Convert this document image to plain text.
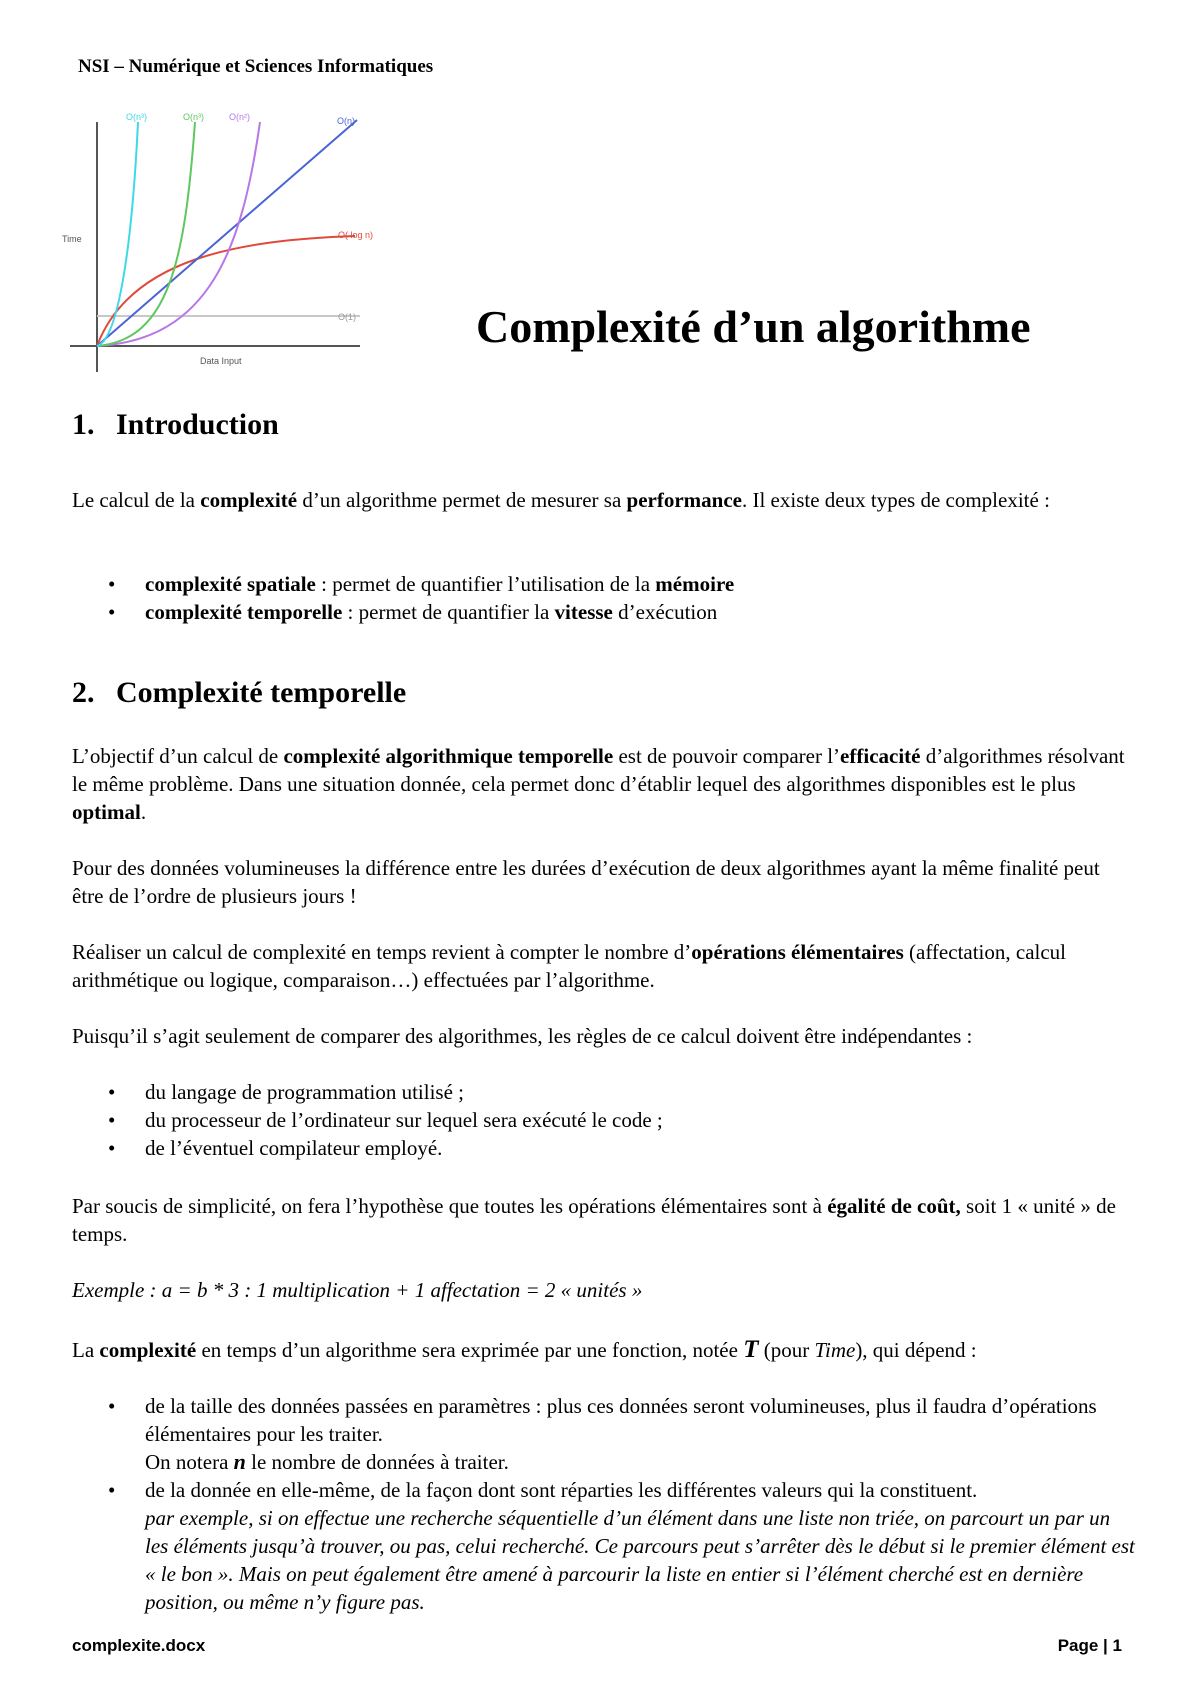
NSI – Numérique et Sciences Informatiques
O(n³)	O(n³)	O(n²)	O(n)
O( log n)
O(1)
Time
Data Input
Complexité d’un algorithme
1. Introduction
Le calcul de la complexité d’un algorithme permet de mesurer sa performance. Il existe deux types de complexité :
• complexité spatiale : permet de quantifier l’utilisation de la mémoire
• complexité temporelle : permet de quantifier la vitesse d’exécution
2. Complexité temporelle
L’objectif d’un calcul de complexité algorithmique temporelle est de pouvoir comparer l’efficacité d’algorithmes résolvant le même problème. Dans une situation donnée, cela permet donc d’établir lequel des algorithmes disponibles est le plus optimal.
Pour des données volumineuses la différence entre les durées d’exécution de deux algorithmes ayant la même finalité peut être de l’ordre de plusieurs jours !
Réaliser un calcul de complexité en temps revient à compter le nombre d’opérations élémentaires (affectation, calcul arithmétique ou logique, comparaison…) effectuées par l’algorithme.
Puisqu’il s’agit seulement de comparer des algorithmes, les règles de ce calcul doivent être indépendantes :
• du langage de programmation utilisé ;
• du processeur de l’ordinateur sur lequel sera exécuté le code ;
• de l’éventuel compilateur employé.
Par soucis de simplicité, on fera l’hypothèse que toutes les opérations élémentaires sont à égalité de coût, soit 1 « unité » de temps.
Exemple : a = b * 3 : 1 multiplication + 1 affectation = 2 « unités »
La complexité en temps d’un algorithme sera exprimée par une fonction, notée T (pour Time), qui dépend :
• de la taille des données passées en paramètres : plus ces données seront volumineuses, plus il faudra d’opérations élémentaires pour les traiter.
On notera n le nombre de données à traiter.
• de la donnée en elle-même, de la façon dont sont réparties les différentes valeurs qui la constituent.
par exemple, si on effectue une recherche séquentielle d’un élément dans une liste non triée, on parcourt un par un les éléments jusqu’à trouver, ou pas, celui recherché. Ce parcours peut s’arrêter dès le début si le premier élément est « le bon ». Mais on peut également être amené à parcourir la liste en entier si l’élément cherché est en dernière position, ou même n’y figure pas.
complexite.docx	Page | 1
